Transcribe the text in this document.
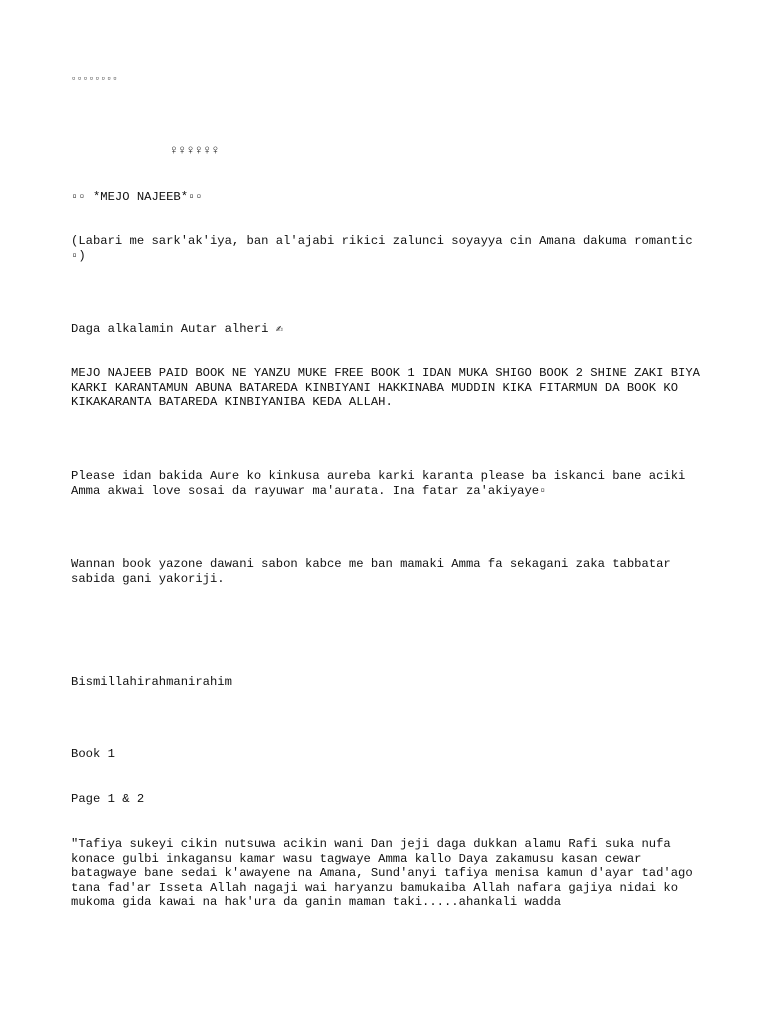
▫▫▫▫▫▫▫▫

♀♀♀♀♀♀

▫▫ *MEJO NAJEEB*▫▫

(Labari me sark'ak'iya, ban al'ajabi rikici zalunci soyayya cin Amana dakuma romantic ▫)

Daga alkalamin Autar alheri ✍

MEJO NAJEEB PAID BOOK NE YANZU MUKE FREE BOOK 1 IDAN MUKA SHIGO BOOK 2 SHINE ZAKI BIYA KARKI KARANTAMUN ABUNA BATAREDA KINBIYANI HAKKINABA MUDDIN KIKA FITARMUN DA BOOK KO KIKAKARANTA BATAREDA KINBIYANIBA KEDA ALLAH.

Please idan bakida Aure ko kinkusa aureba karki karanta please ba iskanci bane aciki Amma akwai love sosai da rayuwar ma'aurata. Ina fatar za'akiyaye▫

Wannan book yazone dawani sabon kabce me ban mamaki Amma fa sekagani zaka tabbatar sabida gani yakoriji.

Bismillahirahmanirahim

Book 1

Page 1 & 2

"Tafiya sukeyi cikin nutsuwa acikin wani Dan jeji daga dukkan alamu Rafi suka nufa konace gulbi inkagansu kamar wasu tagwaye Amma kallo Daya zakamusu kasan cewar batagwaye bane sedai k'awayene na Amana, Sund'anyi tafiya menisa kamun d'ayar tad'ago tana fad'ar Isseta Allah nagaji wai haryanzu bamukaiba Allah nafara gajiya nidai ko mukoma gida kawai na hak'ura da ganin maman taki.....ahankali wadda
